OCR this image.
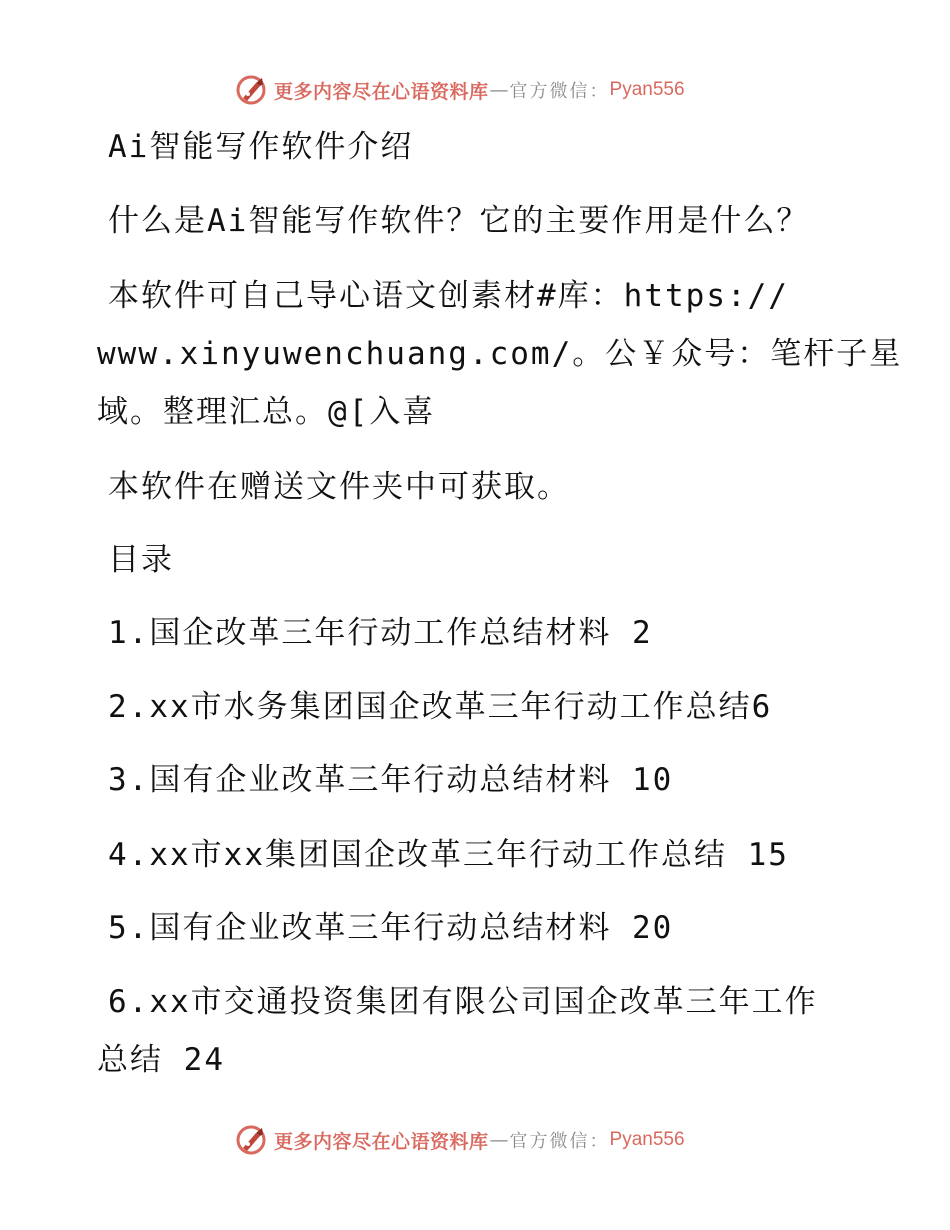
更多内容尽在心语资料库 — 官方微信： Pyan556
Ai智能写作软件介绍
什么是Ai智能写作软件？它的主要作用是什么？
本软件可自己导心语文创素材#库：https://
www.xinyuwenchuang.com/。公￥众号：笔杆子星
域。整理汇总。@[入喜
本软件在赠送文件夹中可获取。
目录
1.国企改革三年行动工作总结材料 2
2.xx市水务集团国企改革三年行动工作总结6
3.国有企业改革三年行动总结材料 10
4.xx市xx集团国企改革三年行动工作总结 15
5.国有企业改革三年行动总结材料 20
6.xx市交通投资集团有限公司国企改革三年工作
总结 24
更多内容尽在心语资料库 — 官方微信： Pyan556
